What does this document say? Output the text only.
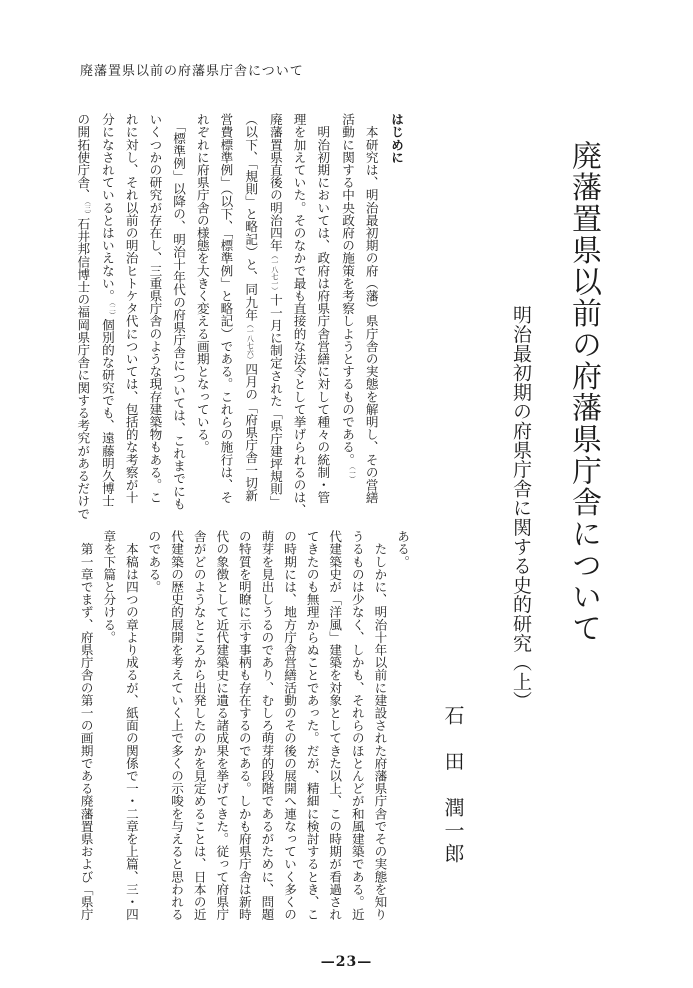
廃藩置県以前の府藩県庁舎について
廃藩置県以前の府藩県庁舎について
明治最初期の府県庁舎に関する史的研究（上）
石　田　潤一郎
はじめに
　本研究は、明治最初期の府（藩）県庁舎の実態を解明し、その営繕
活動に関する中央政府の施策を考察しようとするものである。（一）
　明治初期においては、政府は府県庁舎営繕に対して種々の統制・管
理を加えていた。そのなかで最も直接的な法令として挙げられるのは、
廃藩置県直後の明治四年（一八七一）十一月に制定された「県庁建坪規則」
（以下、「規則」と略記）と、同九年（一八七六）四月の「府県庁舎一切新
営費標準例」（以下、「標準例」と略記）である。これらの施行は、そ
れぞれに府県庁舎の様態を大きく変える画期となっている。
　「標準例」以降の、明治十年代の府県庁舎については、これまでにも
いくつかの研究が存在し、三重県庁舎のような現存建築物もある。こ
れに対し、それ以前の明治ヒトケタ代については、包括的な考察が十
分になされているとはいえない。（二）個別的な研究でも、遠藤明久博士
の開拓使庁舎、（三）石井邦信博士の福岡県庁舎に関する考究があるだけで
ある。
　たしかに、明治十年以前に建設された府藩県庁舎でその実態を知り
うるものは少なく、しかも、それらのほとんどが和風建築である。近
代建築史が「洋風」建築を対象としてきた以上、この時期が看過され
てきたのも無理からぬことであった。だが、精細に検討するとき、こ
の時期には、地方庁舎営繕活動のその後の展開へ連なっていく多くの
萌芽を見出しうるのであり、むしろ萌芽的段階であるがために、問題
の特質を明瞭に示す事柄も存在するのである。しかも府県庁舎は新時
代の象徴として近代建築史に遺る諸成果を挙げてきた。従って府県庁
舎がどのようなところから出発したのかを見定めることは、日本の近
代建築の歴史的展開を考えていく上で多くの示唆を与えると思われる
のである。
　本稿は四つの章より成るが、紙面の関係で一・二章を上篇、三・四
章を下篇と分ける。
　第一章でまず、府県庁舎の第一の画期である廃藩置県および「県庁
—23—
